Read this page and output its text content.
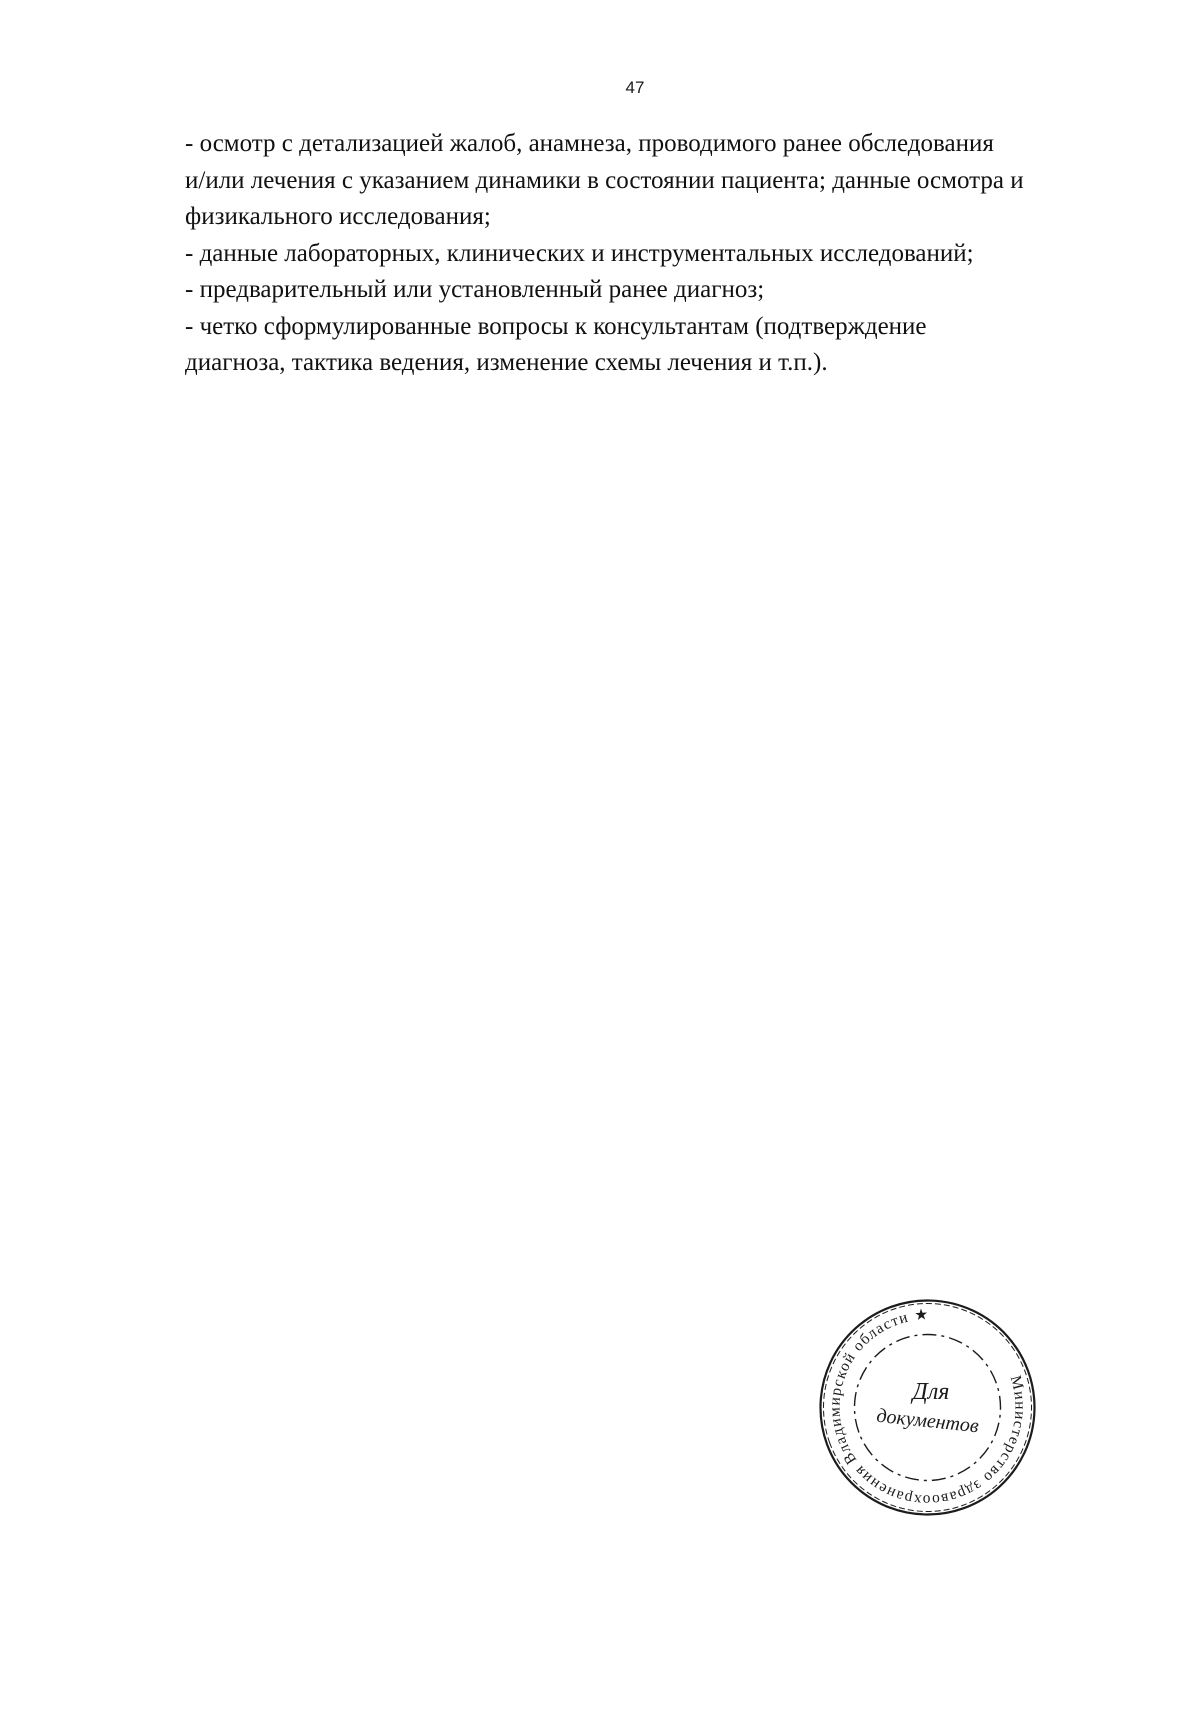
47
- осмотр с детализацией жалоб, анамнеза, проводимого ранее обследования
и/или лечения с указанием динамики в состоянии пациента; данные осмотра и
физикального исследования;
- данные лабораторных, клинических и инструментальных исследований;
- предварительный или установленный ранее диагноз;
- четко сформулированные вопросы к консультантам (подтверждение
диагноза, тактика ведения, изменение схемы лечения и т.п.).
Министерство здравоохранения Владимирской области ★
Для
документов
